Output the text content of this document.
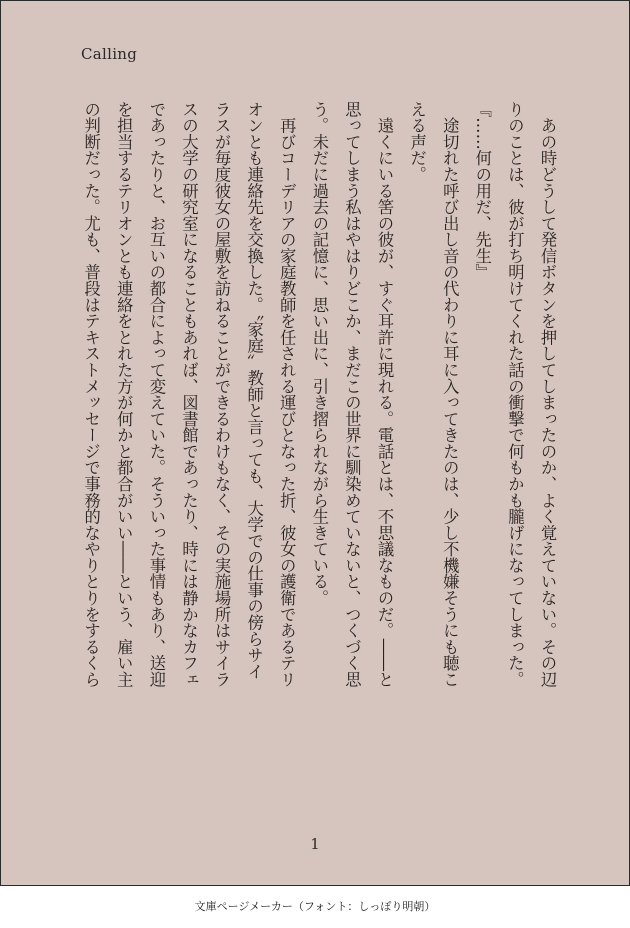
Calling

　あの時どうして発信ボタンを押してしまったのか、よく覚えていない。その辺

りのことは、彼が打ち明けてくれた話の衝撃で何もかも朧げになってしまった。

『……何の用だ、先生』

　途切れた呼び出し音の代わりに耳に入ってきたのは、少し不機嫌そうにも聴こ

える声だ。

　遠くにいる筈の彼が、すぐ耳許に現れる。電話とは、不思議なものだ。――と

思ってしまう私はやはりどこか、まだこの世界に馴染めていないと、つくづく思

う。未だに過去の記憶に、思い出に、引き摺られながら生きている。

　再びコーデリアの家庭教師を任される運びとなった折、彼女の護衛であるテリ

オンとも連絡先を交換した。〝家庭〟教師と言っても、大学での仕事の傍らサイ

ラスが毎度彼女の屋敷を訪ねることができるわけもなく、その実施場所はサイラ

スの大学の研究室になることもあれば、図書館であったり、時には静かなカフェ

であったりと、お互いの都合によって変えていた。そういった事情もあり、送迎

を担当するテリオンとも連絡をとれた方が何かと都合がいい――という、雇い主

の判断だった。尤も、普段はテキストメッセージで事務的なやりとりをするくら

1
文庫ページメーカー（フォント：しっぽり明朝）
